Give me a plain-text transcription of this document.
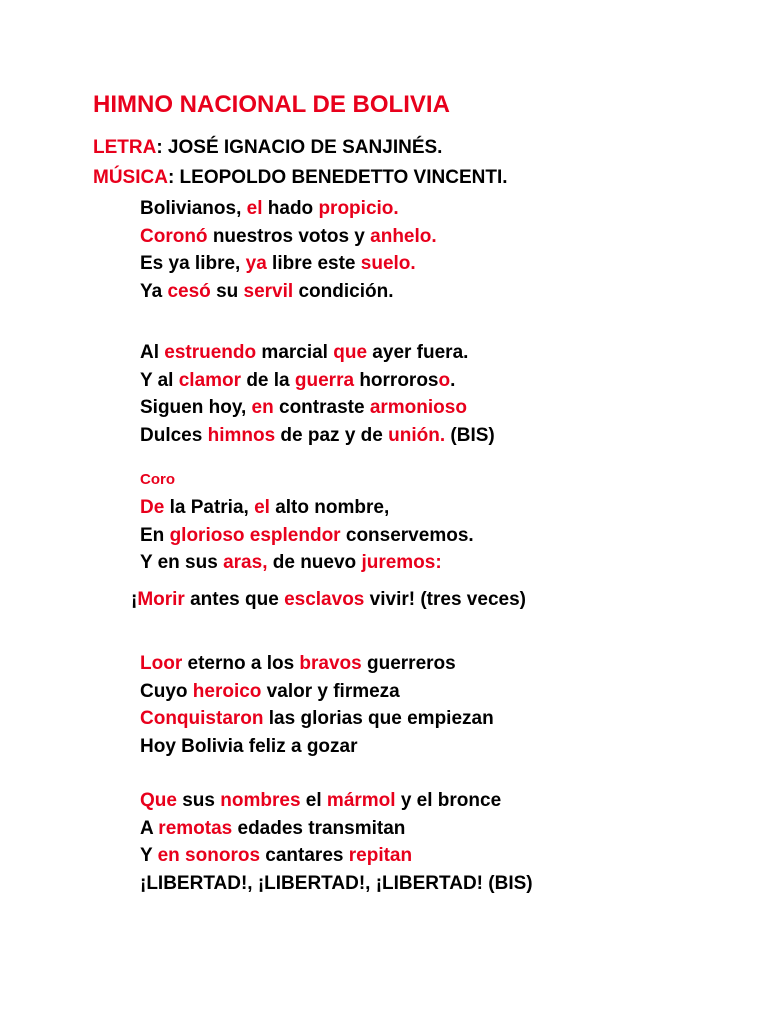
HIMNO NACIONAL DE BOLIVIA
LETRA: JOSÉ IGNACIO DE SANJINÉS.
MÚSICA: LEOPOLDO BENEDETTO VINCENTI.
Bolivianos, el hado propicio.
Coronó nuestros votos y anhelo.
Es ya libre, ya libre este suelo.
Ya cesó su servil condición.
Al estruendo marcial que ayer fuera.
Y al clamor de la guerra horroroso.
Siguen hoy, en contraste armonioso
Dulces himnos de paz y de unión. (BIS)
Coro
De la Patria, el alto nombre,
En glorioso esplendor conservemos.
Y en sus aras, de nuevo juremos:
¡Morir antes que esclavos vivir! (tres veces)
Loor eterno a los bravos guerreros
Cuyo heroico valor y firmeza
Conquistaron las glorias que empiezan
Hoy Bolivia feliz a gozar
Que sus nombres el mármol y el bronce
A remotas edades transmitan
Y en sonoros cantares repitan
¡LIBERTAD!, ¡LIBERTAD!, ¡LIBERTAD! (BIS)
